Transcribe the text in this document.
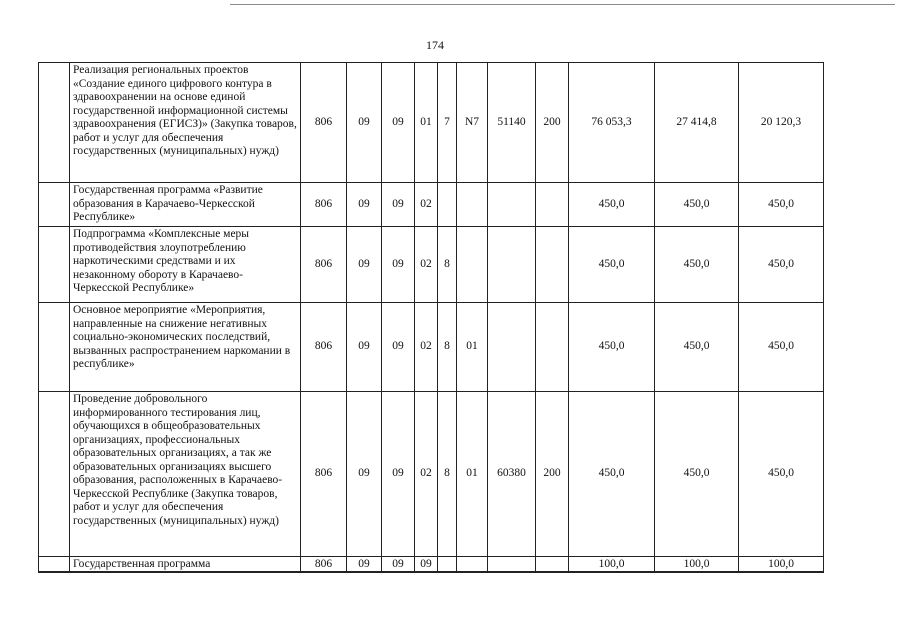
174
	Реализация региональных проектов «Создание единого цифрового контура в здравоохранении на основе единой государственной информационной системы здравоохранения (ЕГИСЗ)» (Закупка товаров, работ и услуг для обеспечения государственных (муниципальных) нужд)	806	09	09	01	7	N7	51140	200	76 053,3	27 414,8	20 120,3
	Государственная программа «Развитие образования в Карачаево-Черкесской Республике»	806	09	09	02					450,0	450,0	450,0
	Подпрограмма «Комплексные меры противодействия злоупотреблению наркотическими средствами и их незаконному обороту в Карачаево-Черкесской Республике»	806	09	09	02	8				450,0	450,0	450,0
	Основное мероприятие «Мероприятия, направленные на снижение негативных социально-экономических последствий, вызванных распространением наркомании в республике»	806	09	09	02	8	01			450,0	450,0	450,0
	Проведение добровольного информированного тестирования лиц, обучающихся в общеобразовательных организациях, профессиональных образовательных организациях, а так же образовательных организациях высшего образования, расположенных в Карачаево-Черкесской Республике (Закупка товаров, работ и услуг для обеспечения государственных (муниципальных) нужд)	806	09	09	02	8	01	60380	200	450,0	450,0	450,0
	Государственная программа	806	09	09	09					100,0	100,0	100,0
